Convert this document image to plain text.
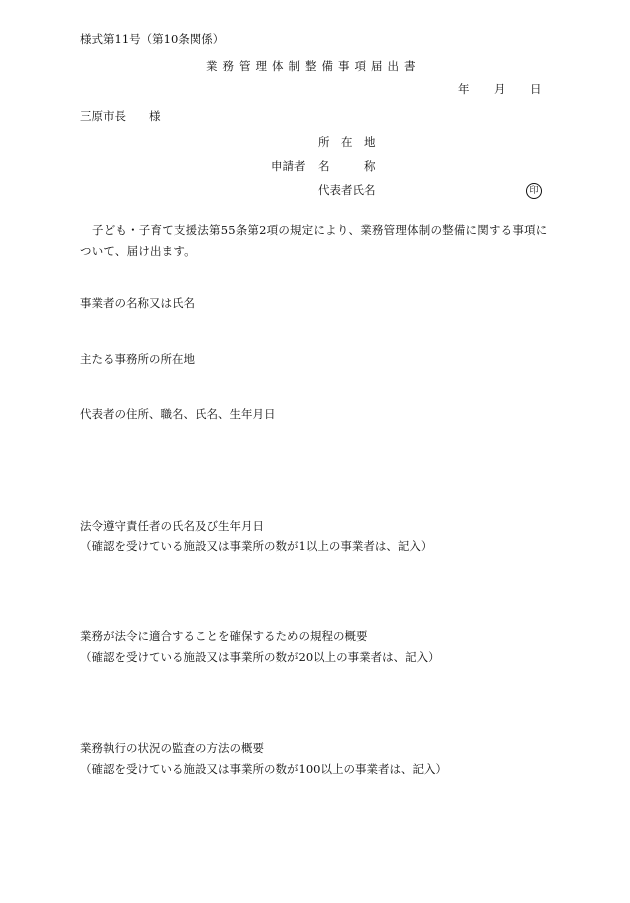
様式第11号（第10条関係）
業務管理体制整備事項届出書
年 月 日
三原市長　　様
所　在　地
申請者 名　　　称
代表者氏名	印
子ども・子育て支援法第55条第2項の規定により、業務管理体制の整備に関する事項について、届け出ます。
事業者の名称又は氏名
主たる事務所の所在地
代表者の住所、職名、氏名、生年月日
法令遵守責任者の氏名及び生年月日
（確認を受けている施設又は事業所の数が1以上の事業者は、記入）
業務が法令に適合することを確保するための規程の概要
（確認を受けている施設又は事業所の数が20以上の事業者は、記入）
業務執行の状況の監査の方法の概要
（確認を受けている施設又は事業所の数が100以上の事業者は、記入）
